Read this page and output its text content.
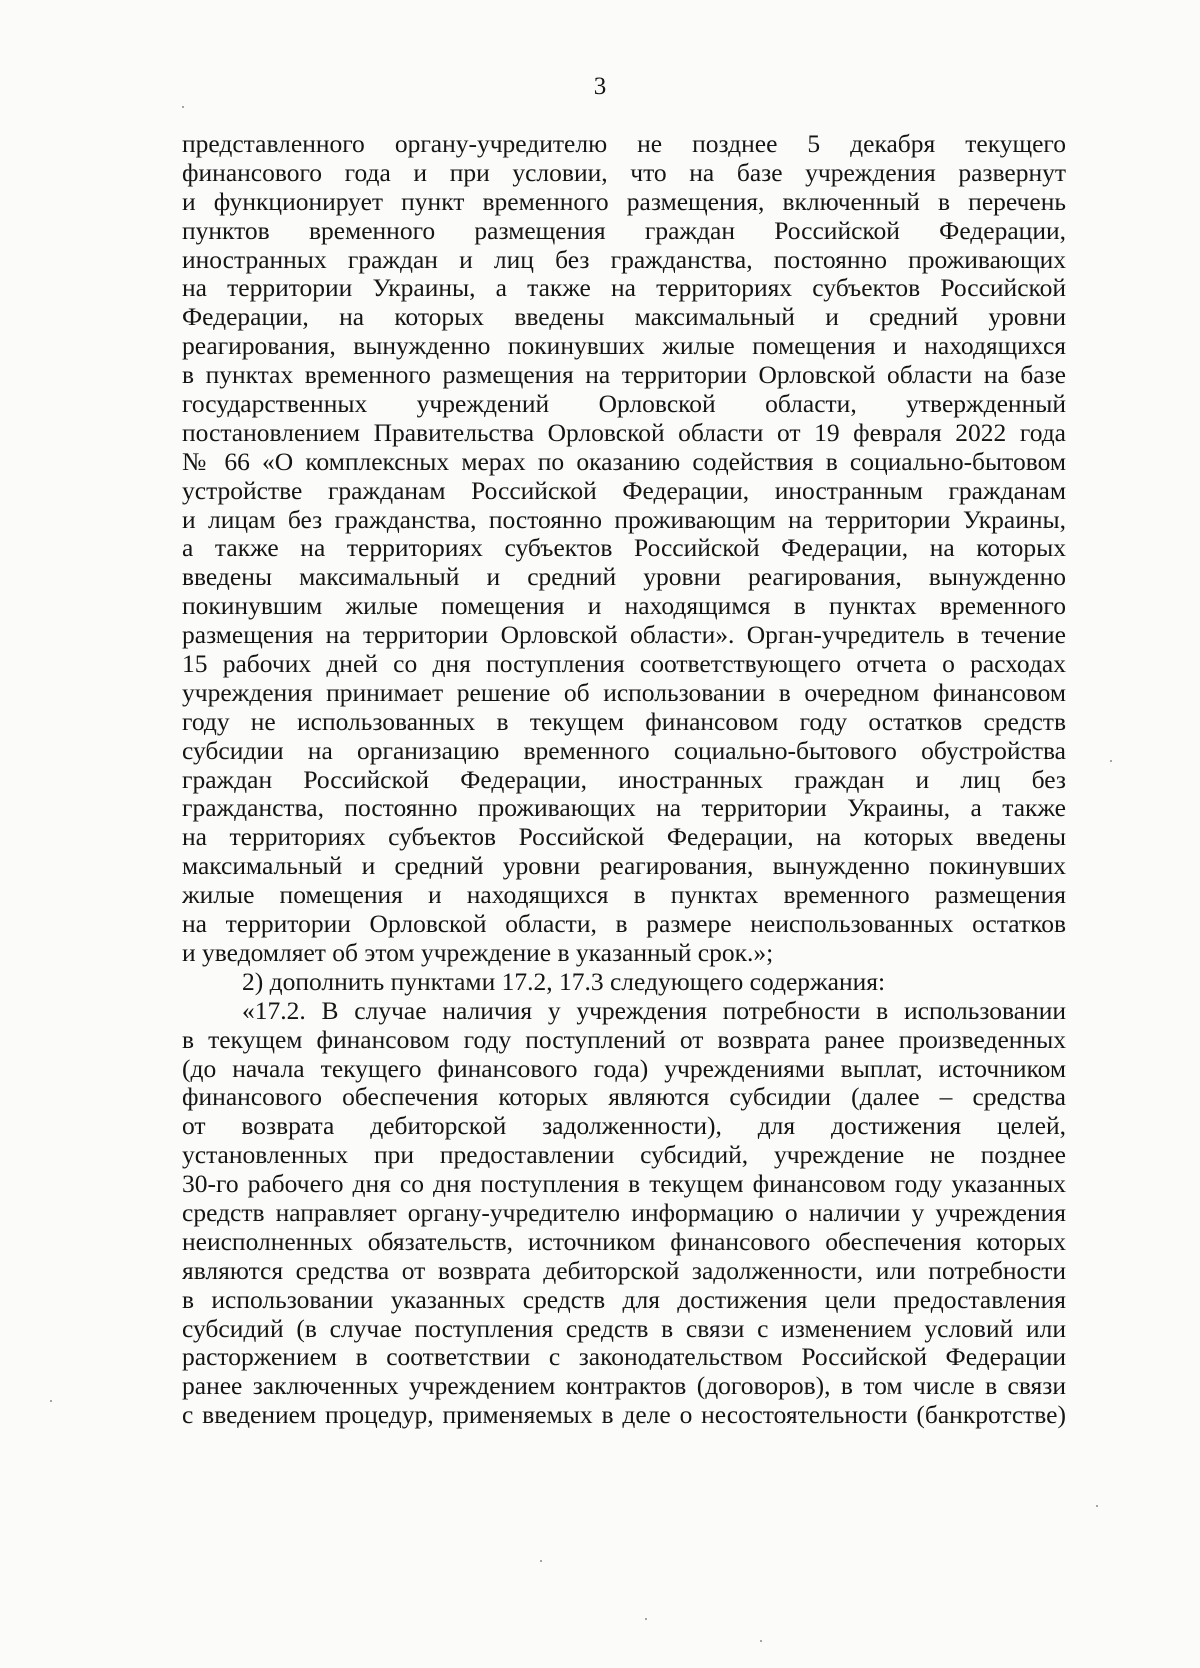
3
представленного органу-учредителю не позднее 5 декабря текущего
финансового года и при условии, что на базе учреждения развернут
и функционирует пункт временного размещения, включенный в перечень
пунктов временного размещения граждан Российской Федерации,
иностранных граждан и лиц без гражданства, постоянно проживающих
на территории Украины, а также на территориях субъектов Российской
Федерации, на которых введены максимальный и средний уровни
реагирования, вынужденно покинувших жилые помещения и находящихся
в пунктах временного размещения на территории Орловской области на базе
государственных учреждений Орловской области, утвержденный
постановлением Правительства Орловской области от 19 февраля 2022 года
№ 66 «О комплексных мерах по оказанию содействия в социально-бытовом
устройстве гражданам Российской Федерации, иностранным гражданам
и лицам без гражданства, постоянно проживающим на территории Украины,
а также на территориях субъектов Российской Федерации, на которых
введены максимальный и средний уровни реагирования, вынужденно
покинувшим жилые помещения и находящимся в пунктах временного
размещения на территории Орловской области». Орган-учредитель в течение
15 рабочих дней со дня поступления соответствующего отчета о расходах
учреждения принимает решение об использовании в очередном финансовом
году не использованных в текущем финансовом году остатков средств
субсидии на организацию временного социально-бытового обустройства
граждан Российской Федерации, иностранных граждан и лиц без
гражданства, постоянно проживающих на территории Украины, а также
на территориях субъектов Российской Федерации, на которых введены
максимальный и средний уровни реагирования, вынужденно покинувших
жилые помещения и находящихся в пунктах временного размещения
на территории Орловской области, в размере неиспользованных остатков
и уведомляет об этом учреждение в указанный срок.»;
2) дополнить пунктами 17.2, 17.3 следующего содержания:
«17.2. В случае наличия у учреждения потребности в использовании
в текущем финансовом году поступлений от возврата ранее произведенных
(до начала текущего финансового года) учреждениями выплат, источником
финансового обеспечения которых являются субсидии (далее – средства
от возврата дебиторской задолженности), для достижения целей,
установленных при предоставлении субсидий, учреждение не позднее
30-го рабочего дня со дня поступления в текущем финансовом году указанных
средств направляет органу-учредителю информацию о наличии у учреждения
неисполненных обязательств, источником финансового обеспечения которых
являются средства от возврата дебиторской задолженности, или потребности
в использовании указанных средств для достижения цели предоставления
субсидий (в случае поступления средств в связи с изменением условий или
расторжением в соответствии с законодательством Российской Федерации
ранее заключенных учреждением контрактов (договоров), в том числе в связи
с введением процедур, применяемых в деле о несостоятельности (банкротстве)
